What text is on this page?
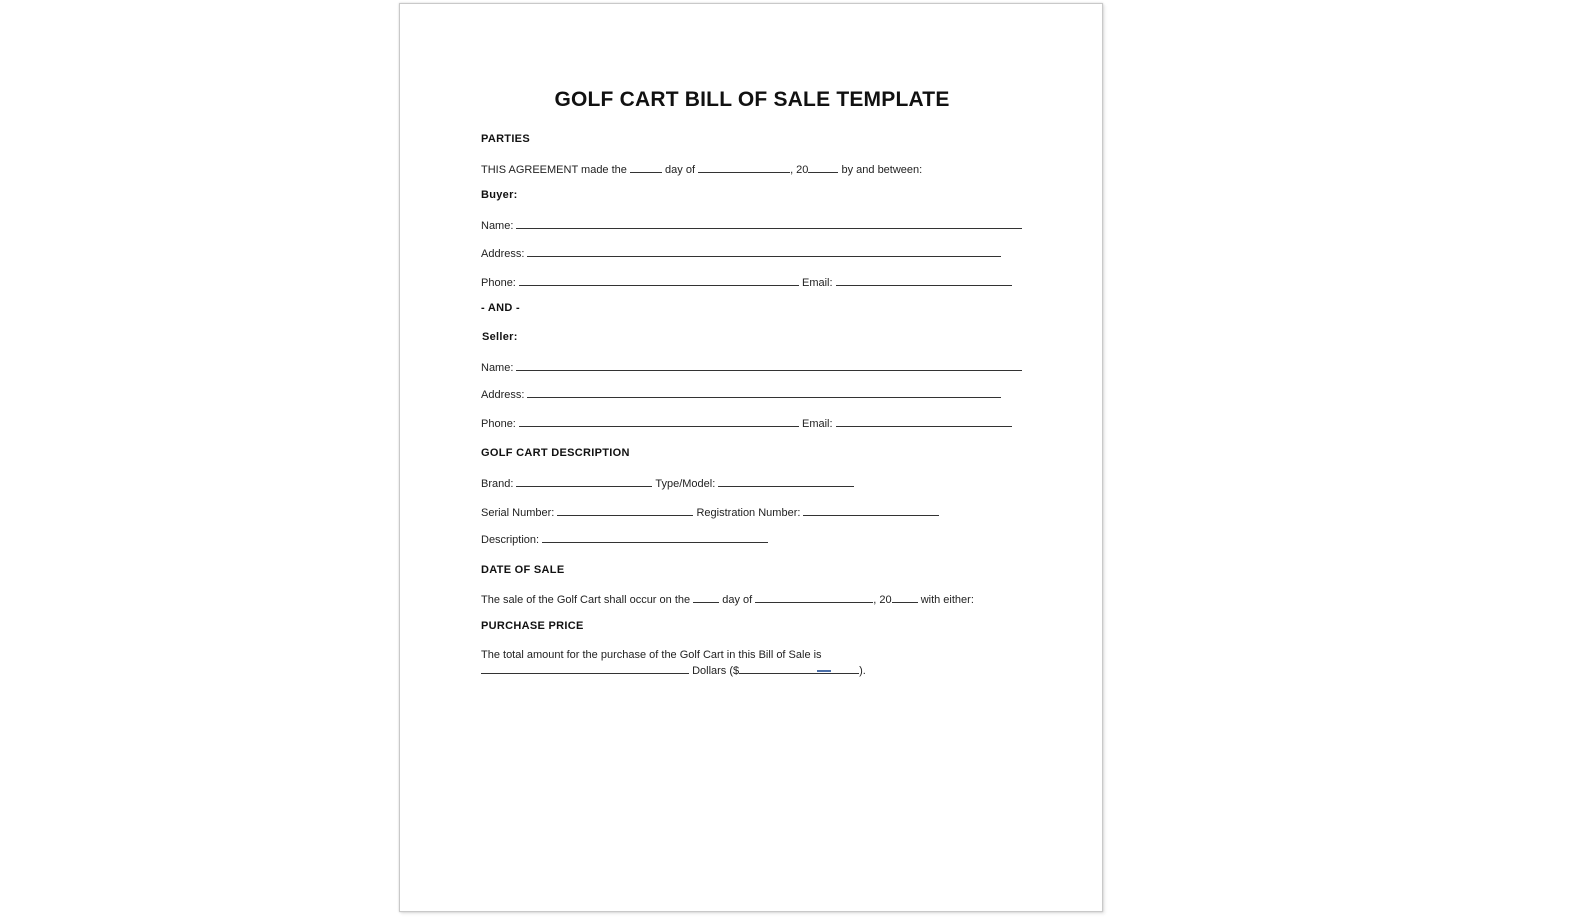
GOLF CART BILL OF SALE TEMPLATE
PARTIES
THIS AGREEMENT made the	day of	, 20	by and between:
Buyer:
Name:
Address:
Phone:	Email:
- AND -
Seller:
Name:
Address:
Phone:	Email:
GOLF CART DESCRIPTION
Brand:	Type/Model:
Serial Number:	Registration Number:
Description:
DATE OF SALE
The sale of the Golf Cart shall occur on the	day of	, 20	with either:
PURCHASE PRICE
The total amount for the purchase of the Golf Cart in this Bill of Sale is
Dollars ($	).
